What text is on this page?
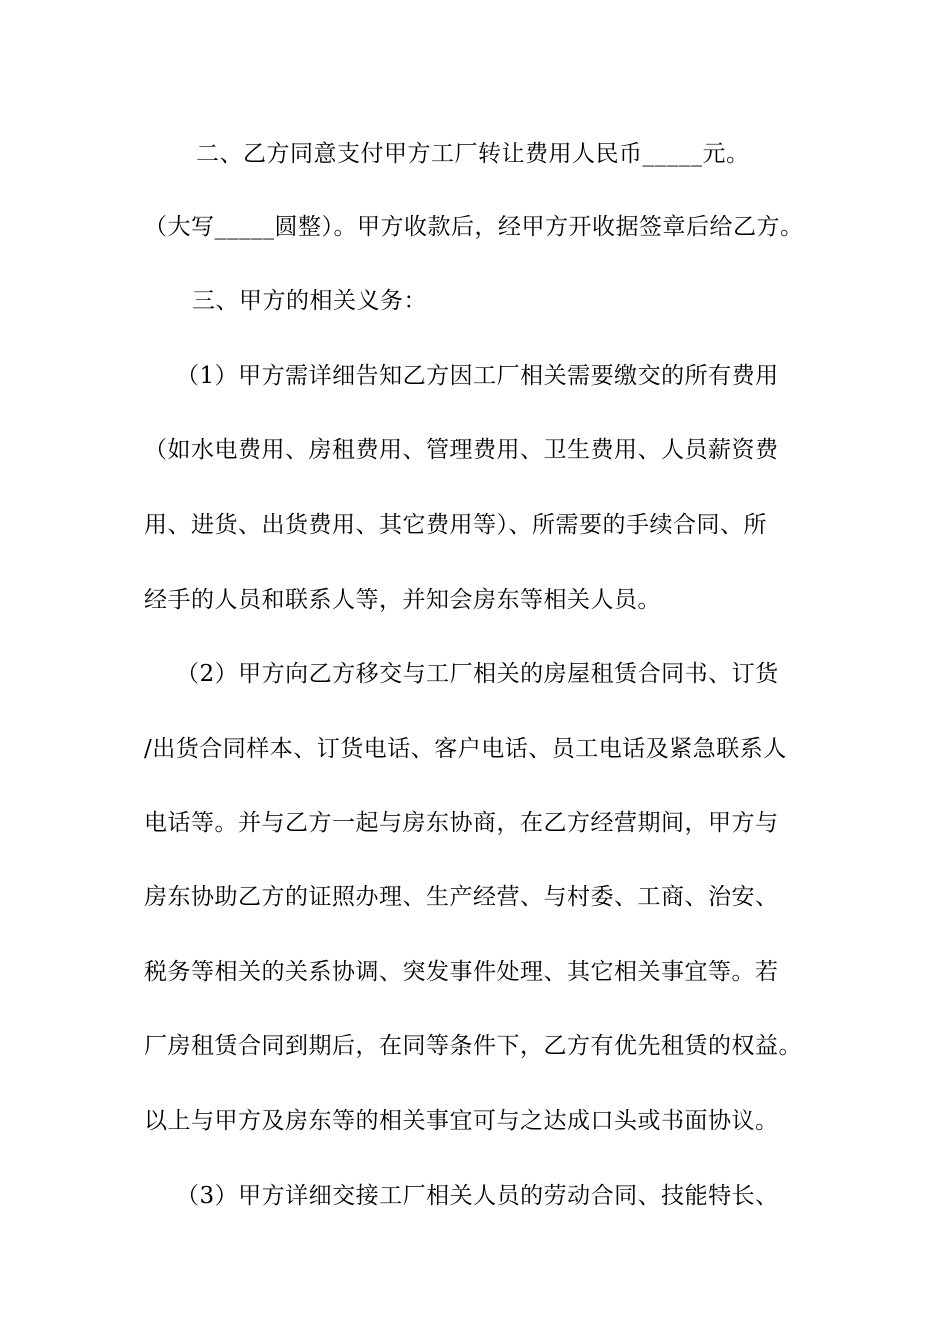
二、乙方同意支付甲方工厂转让费用人民币_____元。
（大写_____圆整）。甲方收款后，经甲方开收据签章后给乙方。
三、甲方的相关义务：
（1）甲方需详细告知乙方因工厂相关需要缴交的所有费用
（如水电费用、房租费用、管理费用、卫生费用、人员薪资费
用、进货、出货费用、其它费用等）、所需要的手续合同、所
经手的人员和联系人等，并知会房东等相关人员。
（2）甲方向乙方移交与工厂相关的房屋租赁合同书、订货
/出货合同样本、订货电话、客户电话、员工电话及紧急联系人
电话等。并与乙方一起与房东协商，在乙方经营期间，甲方与
房东协助乙方的证照办理、生产经营、与村委、工商、治安、
税务等相关的关系协调、突发事件处理、其它相关事宜等。若
厂房租赁合同到期后，在同等条件下，乙方有优先租赁的权益。
以上与甲方及房东等的相关事宜可与之达成口头或书面协议。
（3）甲方详细交接工厂相关人员的劳动合同、技能特长、
